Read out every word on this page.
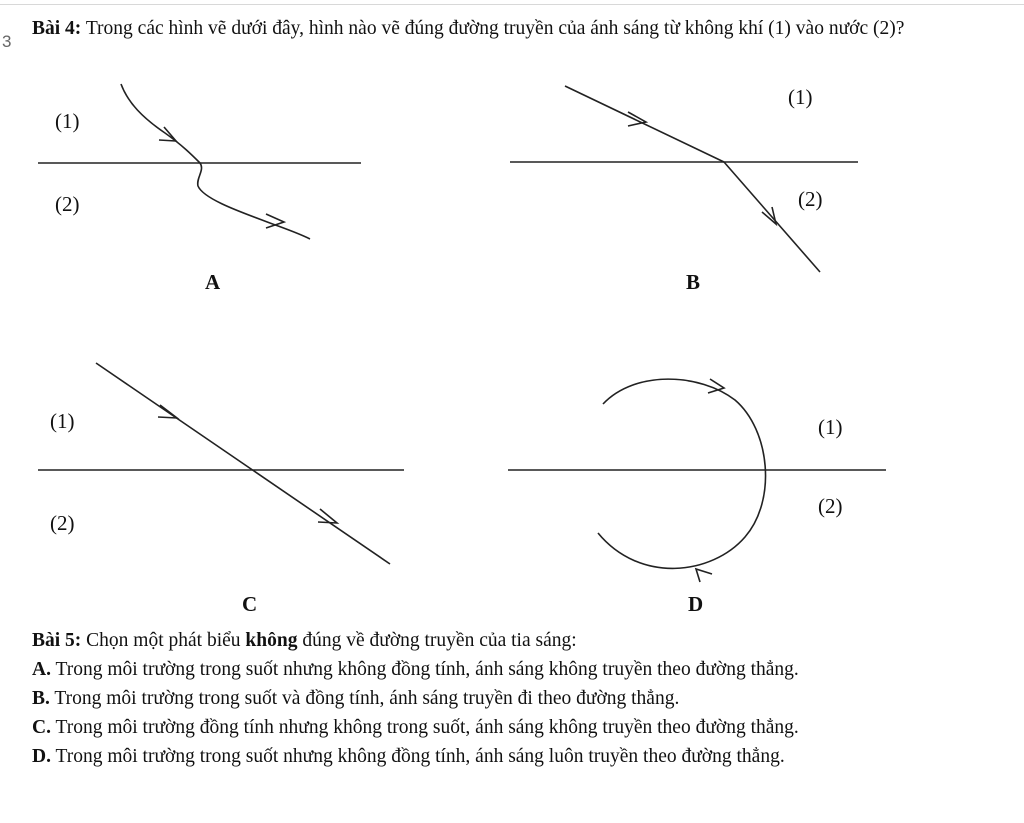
3
Bài 4: Trong các hình vẽ dưới đây, hình nào vẽ đúng đường truyền của ánh sáng từ không khí (1) vào nước (2)?
(1)
(2)
A
(1)
(2)
B
(1)
(2)
C
(1)
(2)
D

Bài 5: Chọn một phát biểu không đúng về đường truyền của tia sáng:

A. Trong môi trường trong suốt nhưng không đồng tính, ánh sáng không truyền theo đường thẳng.

B. Trong môi trường trong suốt và đồng tính, ánh sáng truyền đi theo đường thẳng.

C. Trong môi trường đồng tính nhưng không trong suốt, ánh sáng không truyền theo đường thẳng.

D. Trong môi trường trong suốt nhưng không đồng tính, ánh sáng luôn truyền theo đường thẳng.
